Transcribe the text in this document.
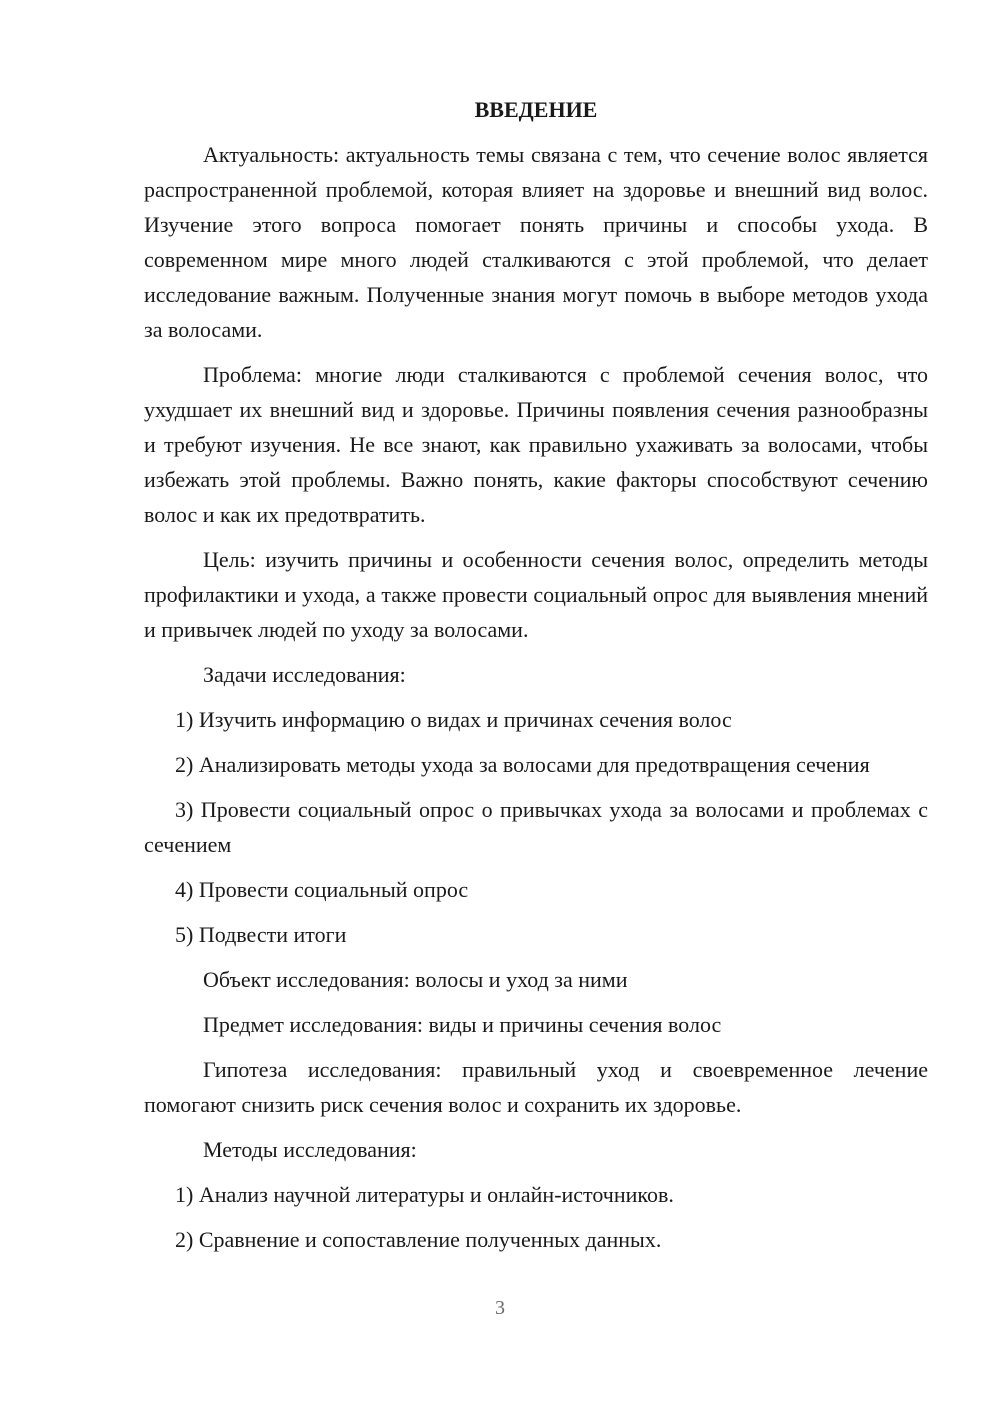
ВВЕДЕНИЕ

Актуальность: актуальность темы связана с тем, что сечение волос является распространенной проблемой, которая влияет на здоровье и внешний вид волос. Изучение этого вопроса помогает понять причины и способы ухода. В современном мире много людей сталкиваются с этой проблемой, что делает исследование важным. Полученные знания могут помочь в выборе методов ухода за волосами.

Проблема: многие люди сталкиваются с проблемой сечения волос, что ухудшает их внешний вид и здоровье. Причины появления сечения разнообразны и требуют изучения. Не все знают, как правильно ухаживать за волосами, чтобы избежать этой проблемы. Важно понять, какие факторы способствуют сечению волос и как их предотвратить.

Цель: изучить причины и особенности сечения волос, определить методы профилактики и ухода, а также провести социальный опрос для выявления мнений и привычек людей по уходу за волосами.

Задачи исследования:

1) Изучить информацию о видах и причинах сечения волос

2) Анализировать методы ухода за волосами для предотвращения сечения

3) Провести социальный опрос о привычках ухода за волосами и проблемах с сечением

4) Провести социальный опрос

5) Подвести итоги

Объект исследования: волосы и уход за ними

Предмет исследования: виды и причины сечения волос

Гипотеза исследования: правильный уход и своевременное лечение помогают снизить риск сечения волос и сохранить их здоровье.

Методы исследования:

1) Анализ научной литературы и онлайн-источников.

2) Сравнение и сопоставление полученных данных.

3
